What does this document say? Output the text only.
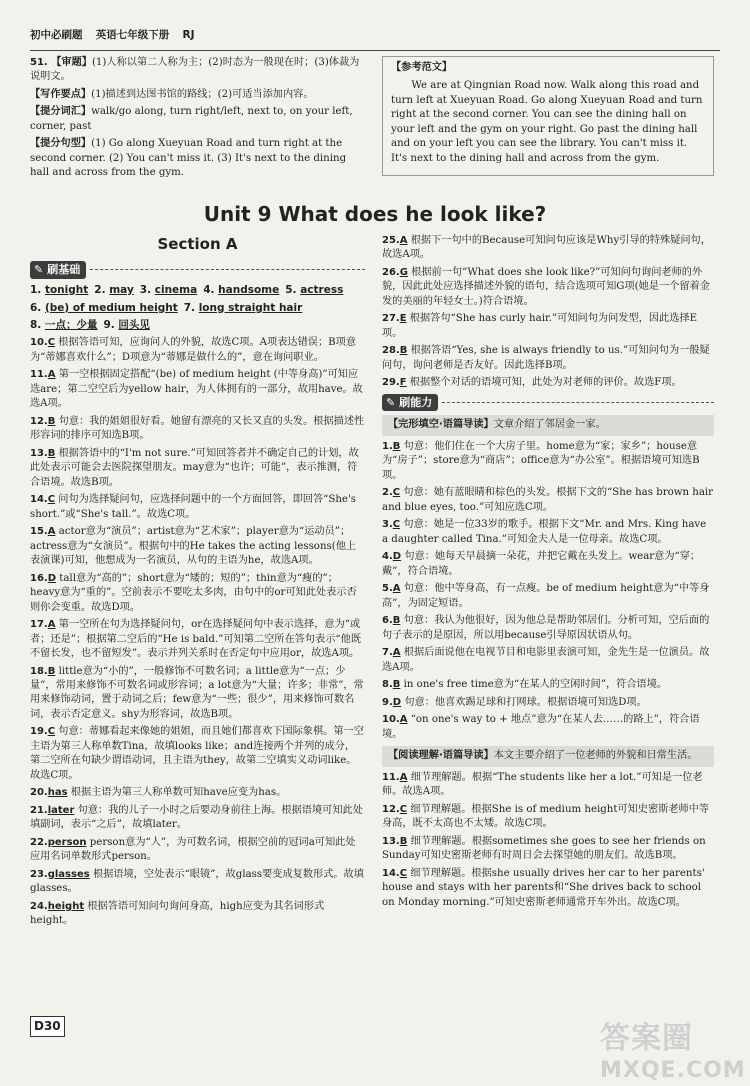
初中必刷题 英语七年级下册 RJ

51. 【审题】(1)人称以第二人称为主；(2)时态为一般现在时；(3)体裁为说明文。

【写作要点】(1)描述到达图书馆的路线；(2)可适当添加内容。

【提分词汇】walk/go along, turn right/left, next to, on your left, corner, past

【提分句型】(1) Go along Xueyuan Road and turn right at the second corner. (2) You can't miss it. (3) It's next to the dining hall and across from the gym.

【参考范文】

We are at Qingnian Road now. Walk along this road and turn left at Xueyuan Road. Go along Xueyuan Road and turn right at the second corner. You can see the dining hall on your left and the gym on your right. Go past the dining hall and on your left you can see the library. You can't miss it. It's next to the dining hall and across from the gym.

Unit 9 What does he look like?
Section A
✎ 刷基础

1. tonight 2. may 3. cinema 4. handsome 5. actress

6. (be) of medium height 7. long straight hair

8. 一点；少量 9. 回头见

10.C 根据答语可知，应询问人的外貌，故选C项。A项表达错误；B项意为“蒂娜喜欢什么”；D项意为“蒂娜是做什么的”，意在询问职业。

11.A 第一空根据固定搭配“(be) of medium height (中等身高)”可知应选are；第二空空后为yellow hair，为人体拥有的一部分，故用have。故选A项。

12.B 句意：我的姐姐很好看。她留有漂亮的又长又直的头发。根据描述性形容词的排序可知选B项。

13.B 根据答语中的“I'm not sure.”可知回答者并不确定自己的计划，故此处表示可能会去医院探望朋友。may意为“也许；可能”，表示推测，符合语境。故选B项。

14.C 问句为选择疑问句，应选择问题中的一个方面回答，即回答“She's short.”或“She's tall.”。故选C项。

15.A actor意为“演员”；artist意为“艺术家”；player意为“运动员”；actress意为“女演员”。根据句中的He takes the acting lessons(他上表演课)可知，他想成为一名演员，从句的主语为he，故选A项。

16.D tall意为“高的”；short意为“矮的；短的”；thin意为“瘦的”；heavy意为“重的”。空前表示不要吃太多肉，由句中的or可知此处表示否则你会变重。故选D项。

17.A 第一空所在句为选择疑问句，or在选择疑问句中表示选择，意为“或者；还是”；根据第二空后的“He is bald.”可知第二空所在答句表示“他既不留长发，也不留短发”。表示并列关系时在否定句中应用or，故选A项。

18.B little意为“小的”，一般修饰不可数名词；a little意为“一点；少量”，常用来修饰不可数名词或形容词；a lot意为“大量；许多；非常”，常用来修饰动词，置于动词之后；few意为“一些；很少”，用来修饰可数名词，表示否定意义。shy为形容词，故选B项。

19.C 句意：蒂娜看起来像她的姐姐，而且她们都喜欢下国际象棋。第一空主语为第三人称单数Tina，故填looks like；and连接两个并列的成分，第二空所在句缺少谓语动词，且主语为they，故第二空填实义动词like。故选C项。

20.has 根据主语为第三人称单数可知have应变为has。

21.later 句意：我的儿子一小时之后要动身前往上海。根据语境可知此处填副词，表示“之后”，故填later。

22.person person意为“人”，为可数名词，根据空前的冠词a可知此处应用名词单数形式person。

23.glasses 根据语境，空处表示“眼镜”，故glass要变成复数形式。故填glasses。

24.height 根据答语可知问句询问身高，high应变为其名词形式height。

25.A 根据下一句中的Because可知问句应该是Why引导的特殊疑问句，故选A项。

26.G 根据前一句“What does she look like?”可知问句询问老师的外貌，因此此处应选择描述外貌的语句，结合选项可知G项(她是一个留着金发的美丽的年轻女士。)符合语境。

27.E 根据答句“She has curly hair.”可知问句为问发型，因此选择E项。

28.B 根据答语“Yes, she is always friendly to us.”可知问句为一般疑问句，询问老师是否友好。因此选择B项。

29.F 根据整个对话的语境可知，此处为对老师的评价。故选F项。

✎ 刷能力
【完形填空·语篇导读】文章介绍了邻居金一家。

1.B 句意：他们住在一个大房子里。home意为“家；家乡”；house意为“房子”；store意为“商店”；office意为“办公室”。根据语境可知选B项。

2.C 句意：她有蓝眼睛和棕色的头发。根据下文的“She has brown hair and blue eyes, too.”可知应选C项。

3.C 句意：她是一位33岁的歌手。根据下文“Mr. and Mrs. King have a daughter called Tina.”可知金夫人是一位母亲。故选C项。

4.D 句意：她每天早晨摘一朵花，并把它戴在头发上。wear意为“穿；戴”，符合语境。

5.A 句意：他中等身高，有一点瘦。be of medium height意为“中等身高”，为固定短语。

6.B 句意：我认为他很好，因为他总是帮助邻居们。分析可知，空后面的句子表示的是原因，所以用because引导原因状语从句。

7.A 根据后面说他在电视节目和电影里表演可知，金先生是一位演员。故选A项。

8.B in one's free time意为“在某人的空闲时间”，符合语境。

9.D 句意：他喜欢踢足球和打网球。根据语境可知选D项。

10.A “on one's way to + 地点”意为“在某人去……的路上”，符合语境。

【阅读理解·语篇导读】本文主要介绍了一位老师的外貌和日常生活。

11.A 细节理解题。根据“The students like her a lot.”可知是一位老师。故选A项。

12.C 细节理解题。根据She is of medium height可知史密斯老师中等身高，既不太高也不太矮。故选C项。

13.B 细节理解题。根据sometimes she goes to see her friends on Sunday可知史密斯老师有时周日会去探望她的朋友们。故选B项。

14.C 细节理解题。根据she usually drives her car to her parents' house and stays with her parents和“She drives back to school on Monday morning.”可知史密斯老师通常开车外出。故选C项。

D30	答案圈
MXQE.COM
